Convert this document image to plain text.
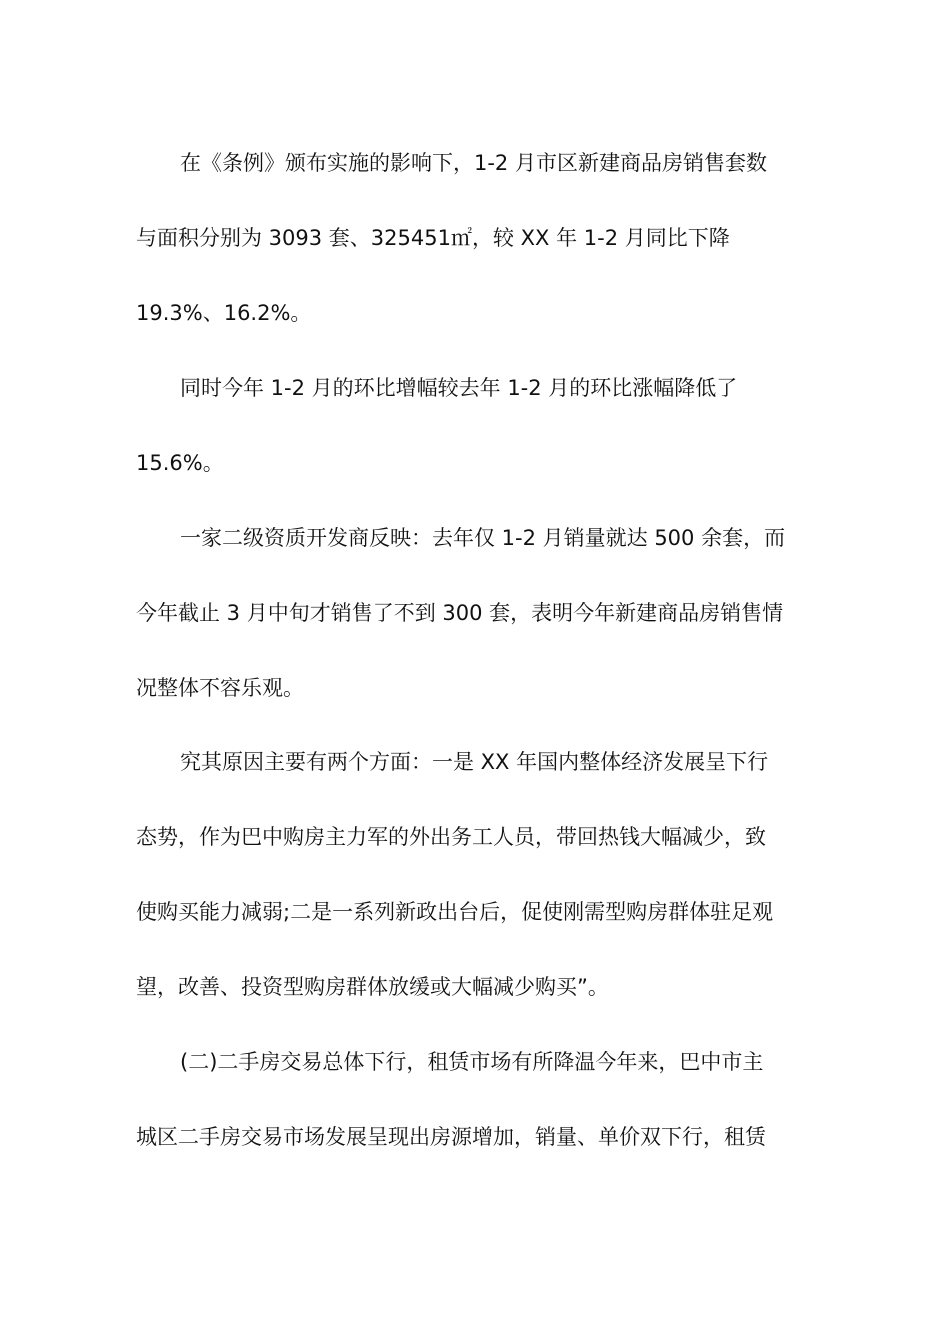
在《条例》颁布实施的影响下，1-2 月市区新建商品房销售套数
与面积分别为 3093 套、325451㎡，较 XX 年 1-2 月同比下降
19.3%、16.2%。
同时今年 1-2 月的环比增幅较去年 1-2 月的环比涨幅降低了
15.6%。
一家二级资质开发商反映：去年仅 1-2 月销量就达 500 余套，而
今年截止 3 月中旬才销售了不到 300 套，表明今年新建商品房销售情
况整体不容乐观。
究其原因主要有两个方面：一是 XX 年国内整体经济发展呈下行
态势，作为巴中购房主力军的外出务工人员，带回热钱大幅减少，致
使购买能力减弱;二是一系列新政出台后，促使刚需型购房群体驻足观
望，改善、投资型购房群体放缓或大幅减少购买”。
(二)二手房交易总体下行，租赁市场有所降温今年来，巴中市主
城区二手房交易市场发展呈现出房源增加，销量、单价双下行，租赁
